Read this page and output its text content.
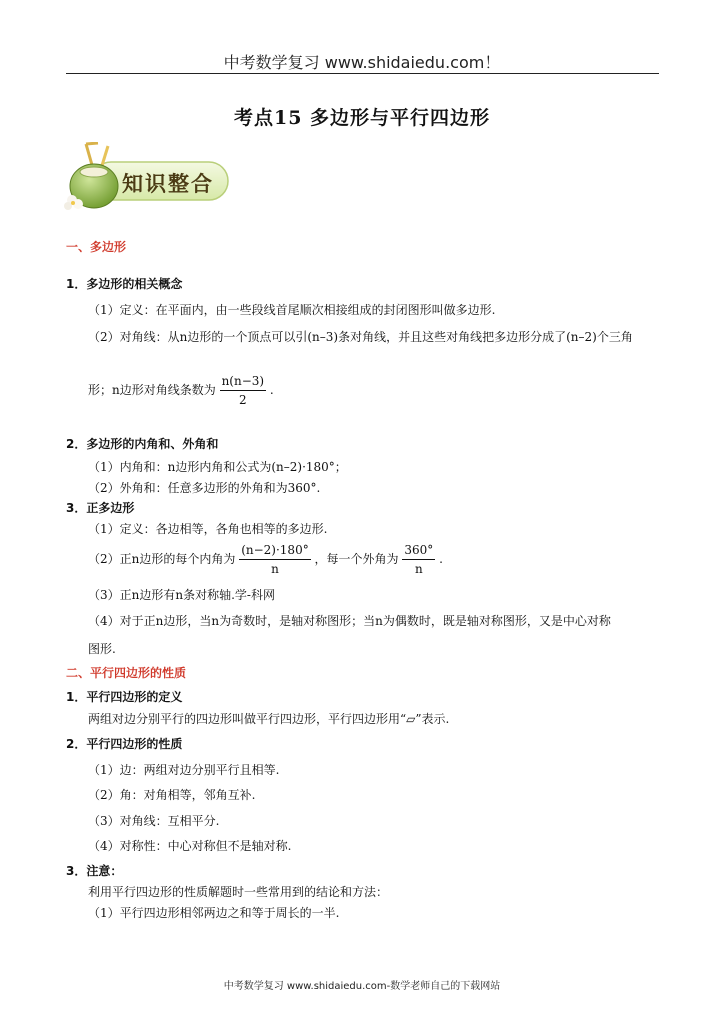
中考数学复习 www.shidaiedu.com！
考点15 多边形与平行四边形
知识整合
一、多边形
1．多边形的相关概念
（1）定义：在平面内，由一些段线首尾顺次相接组成的封闭图形叫做多边形.
（2）对角线：从n边形的一个顶点可以引(n–3)条对角线，并且这些对角线把多边形分成了(n–2)个三角
形；n边形对角线条数为 $\frac{n(n-3)}{2}$ .
2．多边形的内角和、外角和
（1）内角和：n边形内角和公式为(n–2)·180°；
（2）外角和：任意多边形的外角和为360°.
3．正多边形
（1）定义：各边相等，各角也相等的多边形.
（2）正n边形的每个内角为 $\frac{(n-2)\cdot 180^\circ}{n}$ ，每一个外角为 $\frac{360^\circ}{n}$ .
（3）正n边形有n条对称轴.学-科网
（4）对于正n边形，当n为奇数时，是轴对称图形；当n为偶数时，既是轴对称图形，又是中心对称
图形.
二、平行四边形的性质
1．平行四边形的定义
两组对边分别平行的四边形叫做平行四边形，平行四边形用“▱”表示.
2．平行四边形的性质
（1）边：两组对边分别平行且相等.
（2）角：对角相等，邻角互补.
（3）对角线：互相平分.
（4）对称性：中心对称但不是轴对称.
3．注意：
利用平行四边形的性质解题时一些常用到的结论和方法：
（1）平行四边形相邻两边之和等于周长的一半.
中考数学复习 www.shidaiedu.com-数学老师自己的下载网站
